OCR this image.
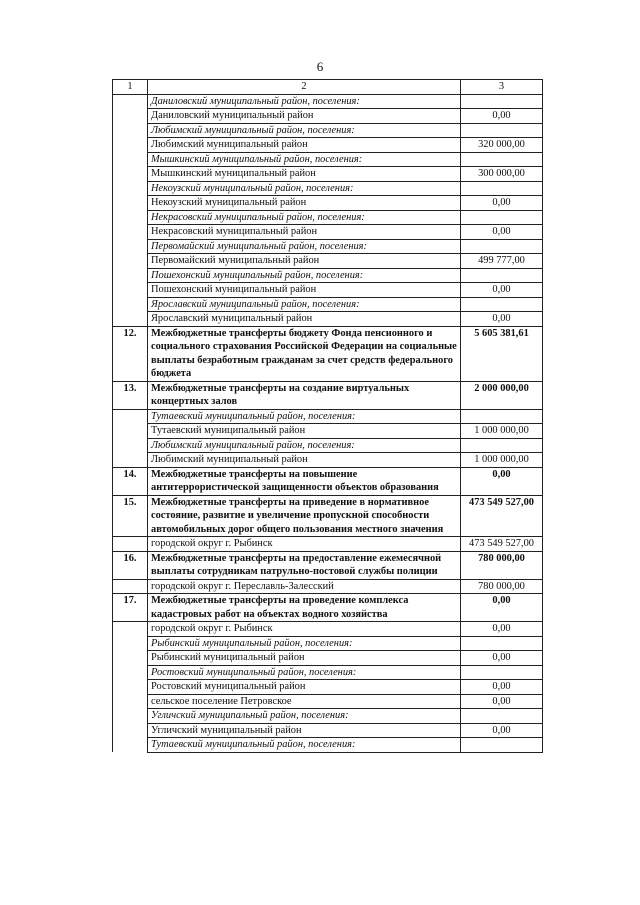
6
1	2	3
	Даниловский муниципальный район, поселения:	
	Даниловский муниципальный район	0,00
	Любимский муниципальный район, поселения:	
	Любимский муниципальный район	320 000,00
	Мышкинский муниципальный район, поселения:	
	Мышкинский муниципальный район	300 000,00
	Некоузский муниципальный район, поселения:	
	Некоузский муниципальный район	0,00
	Некрасовский муниципальный район, поселения:	
	Некрасовский муниципальный район	0,00
	Первомайский муниципальный район, поселения:	
	Первомайский муниципальный район	499 777,00
	Пошехонский муниципальный район, поселения:	
	Пошехонский муниципальный район	0,00
	Ярославский муниципальный район, поселения:	
	Ярославский муниципальный район	0,00
12.	Межбюджетные трансферты бюджету Фонда пенсионного и социального страхования Российской Федерации на социальные выплаты безработным гражданам за счет средств федерального бюджета	5 605 381,61
13.	Межбюджетные трансферты на создание виртуальных концертных залов	2 000 000,00
	Тутаевский муниципальный район, поселения:	
	Тутаевский муниципальный район	1 000 000,00
	Любимский муниципальный район, поселения:	
	Любимский муниципальный район	1 000 000,00
14.	Межбюджетные трансферты на повышение антитеррористической защищенности объектов образования	0,00
15.	Межбюджетные трансферты на приведение в нормативное состояние, развитие и увеличение пропускной способности автомобильных дорог общего пользования местного значения	473 549 527,00
	городской округ г. Рыбинск	473 549 527,00
16.	Межбюджетные трансферты на предоставление ежемесячной выплаты сотрудникам патрульно-постовой службы полиции	780 000,00
	городской округ г. Переславль-Залесский	780 000,00
17.	Межбюджетные трансферты на проведение комплекса кадастровых работ на объектах водного хозяйства	0,00
	городской округ г. Рыбинск	0,00
	Рыбинский муниципальный район, поселения:	
	Рыбинский муниципальный район	0,00
	Ростовский муниципальный район, поселения:	
	Ростовский муниципальный район	0,00
	сельское поселение Петровское	0,00
	Угличский муниципальный район, поселения:	
	Угличский муниципальный район	0,00
	Тутаевский муниципальный район, поселения:	
